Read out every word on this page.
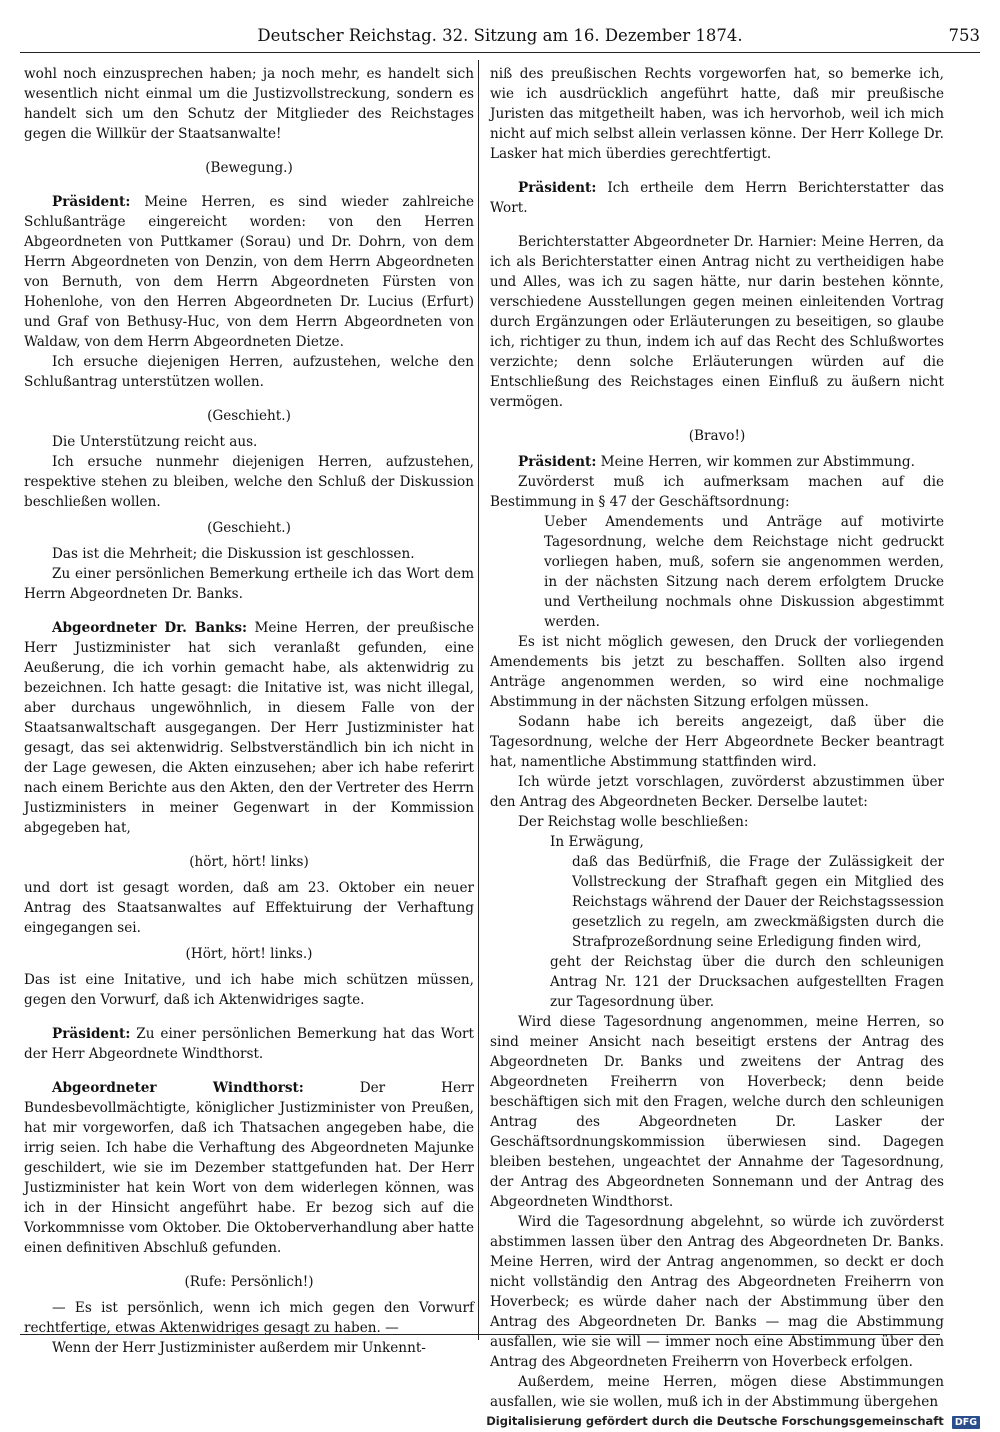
Deutscher Reichstag. 32. Sitzung am 16. Dezember 1874.	753

wohl noch einzusprechen haben; ja noch mehr, es handelt sich wesentlich nicht einmal um die Justizvollstreckung, sondern es handelt sich um den Schutz der Mitglieder des Reichstages gegen die Willkür der Staatsanwalte!

(Bewegung.)

Präsident: Meine Herren, es sind wieder zahlreiche Schlußanträge eingereicht worden: von den Herren Abgeordneten von Puttkamer (Sorau) und Dr. Dohrn, von dem Herrn Abgeordneten von Denzin, von dem Herrn Abgeordneten von Bernuth, von dem Herrn Abgeordneten Fürsten von Hohenlohe, von den Herren Abgeordneten Dr. Lucius (Erfurt) und Graf von Bethusy-Huc, von dem Herrn Abgeordneten von Waldaw, von dem Herrn Abgeordneten Dietze.

Ich ersuche diejenigen Herren, aufzustehen, welche den Schlußantrag unterstützen wollen.

(Geschieht.)

Die Unterstützung reicht aus.

Ich ersuche nunmehr diejenigen Herren, aufzustehen, respektive stehen zu bleiben, welche den Schluß der Diskussion beschließen wollen.

(Geschieht.)

Das ist die Mehrheit; die Diskussion ist geschlossen.

Zu einer persönlichen Bemerkung ertheile ich das Wort dem Herrn Abgeordneten Dr. Banks.

Abgeordneter Dr. Banks: Meine Herren, der preußische Herr Justizminister hat sich veranlaßt gefunden, eine Aeußerung, die ich vorhin gemacht habe, als aktenwidrig zu bezeichnen. Ich hatte gesagt: die Initative ist, was nicht illegal, aber durchaus ungewöhnlich, in diesem Falle von der Staatsanwaltschaft ausgegangen. Der Herr Justizminister hat gesagt, das sei aktenwidrig. Selbstverständlich bin ich nicht in der Lage gewesen, die Akten einzusehen; aber ich habe referirt nach einem Berichte aus den Akten, den der Vertreter des Herrn Justizministers in meiner Gegenwart in der Kommission abgegeben hat,

(hört, hört! links)

und dort ist gesagt worden, daß am 23. Oktober ein neuer Antrag des Staatsanwaltes auf Effektuirung der Verhaftung eingegangen sei.

(Hört, hört! links.)

Das ist eine Initative, und ich habe mich schützen müssen, gegen den Vorwurf, daß ich Aktenwidriges sagte.

Präsident: Zu einer persönlichen Bemerkung hat das Wort der Herr Abgeordnete Windthorst.

Abgeordneter Windthorst:	Der Herr Bundesbevollmächtigte, königlicher Justizminister von Preußen, hat mir vorgeworfen, daß ich Thatsachen angegeben habe, die irrig seien. Ich habe die Verhaftung des Abgeordneten Majunke geschildert, wie sie im Dezember stattgefunden hat. Der Herr Justizminister hat kein Wort von dem widerlegen können, was ich in der Hinsicht angeführt habe. Er bezog sich auf die Vorkommnisse vom Oktober. Die Oktoberverhandlung aber hatte einen definitiven Abschluß gefunden.

(Rufe: Persönlich!)

— Es ist persönlich, wenn ich mich gegen den Vorwurf rechtfertige, etwas Aktenwidriges gesagt zu haben. —

Wenn der Herr Justizminister außerdem mir Unkennt-

niß des preußischen Rechts vorgeworfen hat, so bemerke ich, wie ich ausdrücklich angeführt hatte, daß mir preußische Juristen das mitgetheilt haben, was ich hervorhob, weil ich mich nicht auf mich selbst allein verlassen könne. Der Herr Kollege Dr. Lasker hat mich überdies gerechtfertigt.

Präsident: Ich ertheile dem Herrn Berichterstatter das Wort.

Berichterstatter Abgeordneter Dr. Harnier: Meine Herren, da ich als Berichterstatter einen Antrag nicht zu vertheidigen habe und Alles, was ich zu sagen hätte, nur darin bestehen könnte, verschiedene Ausstellungen gegen meinen einleitenden Vortrag durch Ergänzungen oder Erläuterungen zu beseitigen, so glaube ich, richtiger zu thun, indem ich auf das Recht des Schlußwortes verzichte; denn solche Erläuterungen würden auf die Entschließung des Reichstages einen Einfluß zu äußern nicht vermögen.

(Bravo!)

Präsident: Meine Herren, wir kommen zur Abstimmung.

Zuvörderst muß ich aufmerksam machen auf die Bestimmung in § 47 der Geschäftsordnung:

Ueber Amendements und Anträge auf motivirte Tagesordnung, welche dem Reichstage nicht gedruckt vorliegen haben, muß, sofern sie angenommen werden, in der nächsten Sitzung nach derem erfolgtem Drucke und Vertheilung nochmals ohne Diskussion abgestimmt werden.

Es ist nicht möglich gewesen, den Druck der vorliegenden Amendements bis jetzt zu beschaffen. Sollten also irgend Anträge angenommen werden, so wird eine nochmalige Abstimmung in der nächsten Sitzung erfolgen müssen.

Sodann habe ich bereits angezeigt, daß über die Tagesordnung, welche der Herr Abgeordnete Becker beantragt hat, namentliche Abstimmung stattfinden wird.

Ich würde jetzt vorschlagen, zuvörderst abzustimmen über den Antrag des Abgeordneten Becker. Derselbe lautet:

Der Reichstag wolle beschließen:

In Erwägung,

daß das Bedürfniß, die Frage der Zulässigkeit der Vollstreckung der Strafhaft gegen ein Mitglied des Reichstags während der Dauer der Reichstagssession gesetzlich zu regeln, am zweckmäßigsten durch die Strafprozeßordnung seine Erledigung finden wird,

geht der Reichstag über die durch den schleunigen Antrag Nr. 121 der Drucksachen aufgestellten Fragen zur Tagesordnung über.

Wird diese Tagesordnung angenommen, meine Herren, so sind meiner Ansicht nach beseitigt erstens der Antrag des Abgeordneten Dr. Banks und zweitens der Antrag des Abgeordneten Freiherrn von Hoverbeck; denn beide beschäftigen sich mit den Fragen, welche durch den schleunigen Antrag des Abgeordneten Dr. Lasker der Geschäftsordnungskommission überwiesen sind. Dagegen bleiben bestehen, ungeachtet der Annahme der Tagesordnung, der Antrag des Abgeordneten Sonnemann und der Antrag des Abgeordneten Windthorst.

Wird die Tagesordnung abgelehnt, so würde ich zuvörderst abstimmen lassen über den Antrag des Abgeordneten Dr. Banks. Meine Herren, wird der Antrag angenommen, so deckt er doch nicht vollständig den Antrag des Abgeordneten Freiherrn von Hoverbeck; es würde daher nach der Abstimmung über den Antrag des Abgeordneten Dr. Banks — mag die Abstimmung ausfallen, wie sie will — immer noch eine Abstimmung über den Antrag des Abgeordneten Freiherrn von Hoverbeck erfolgen.

Außerdem, meine Herren, mögen diese Abstimmungen ausfallen, wie sie wollen, muß ich in der Abstimmung übergehen

Digitalisierung gefördert durch die Deutsche Forschungsgemeinschaft DFG
